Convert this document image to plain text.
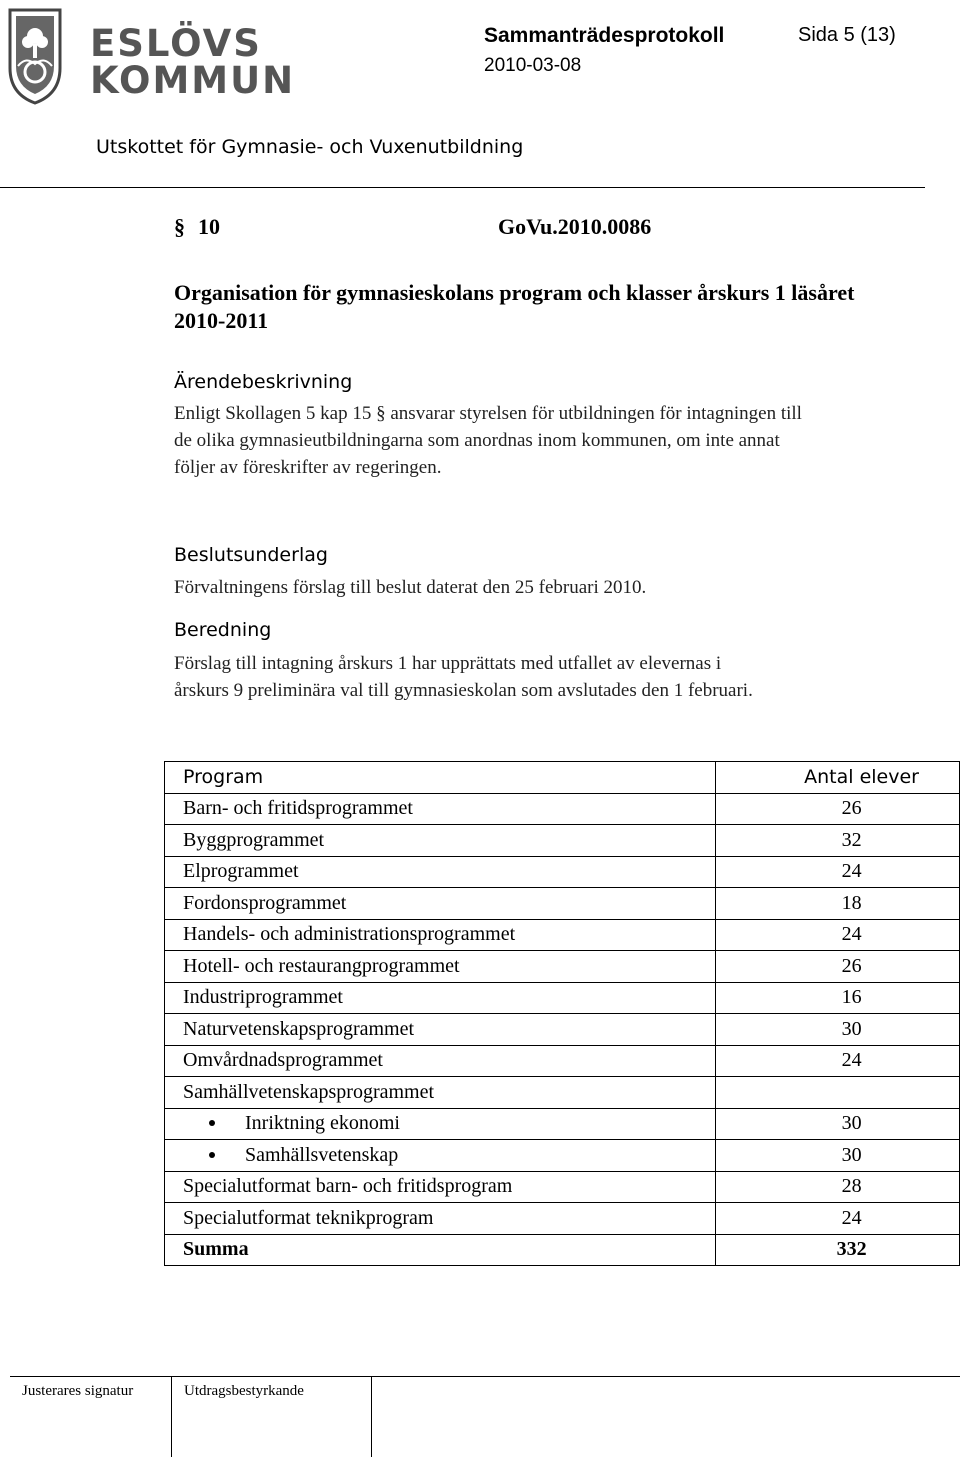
ESLÖVS
KOMMUN
Sammanträdesprotokoll	Sida 5 (13)
2010-03-08
Utskottet för Gymnasie- och Vuxenutbildning
§ 10	GoVu.2010.0086
Organisation för gymnasieskolans program och klasser årskurs 1 läsåret 2010-2011
Ärendebeskrivning
Enligt Skollagen 5 kap 15 § ansvarar styrelsen för utbildningen för intagningen till de olika gymnasieutbildningarna som anordnas inom kommunen, om inte annat följer av föreskrifter av regeringen.
Beslutsunderlag
Förvaltningens förslag till beslut daterat den 25 februari 2010.
Beredning
Förslag till intagning årskurs 1 har upprättats med utfallet av elevernas i årskurs 9 preliminära val till gymnasieskolan som avslutades den 1 februari.
Program	Antal elever
Barn- och fritidsprogrammet	26
Byggprogrammet	32
Elprogrammet	24
Fordonsprogrammet	18
Handels- och administrationsprogrammet	24
Hotell- och restaurangprogrammet	26
Industriprogrammet	16
Naturvetenskapsprogrammet	30
Omvårdnadsprogrammet	24
Samhällvetenskapsprogrammet	
Inriktning ekonomi	30
Samhällsvetenskap	30
Specialutformat barn- och fritidsprogram	28
Specialutformat teknikprogram	24
Summa	332
Justerares signatur	Utdragsbestyrkande
